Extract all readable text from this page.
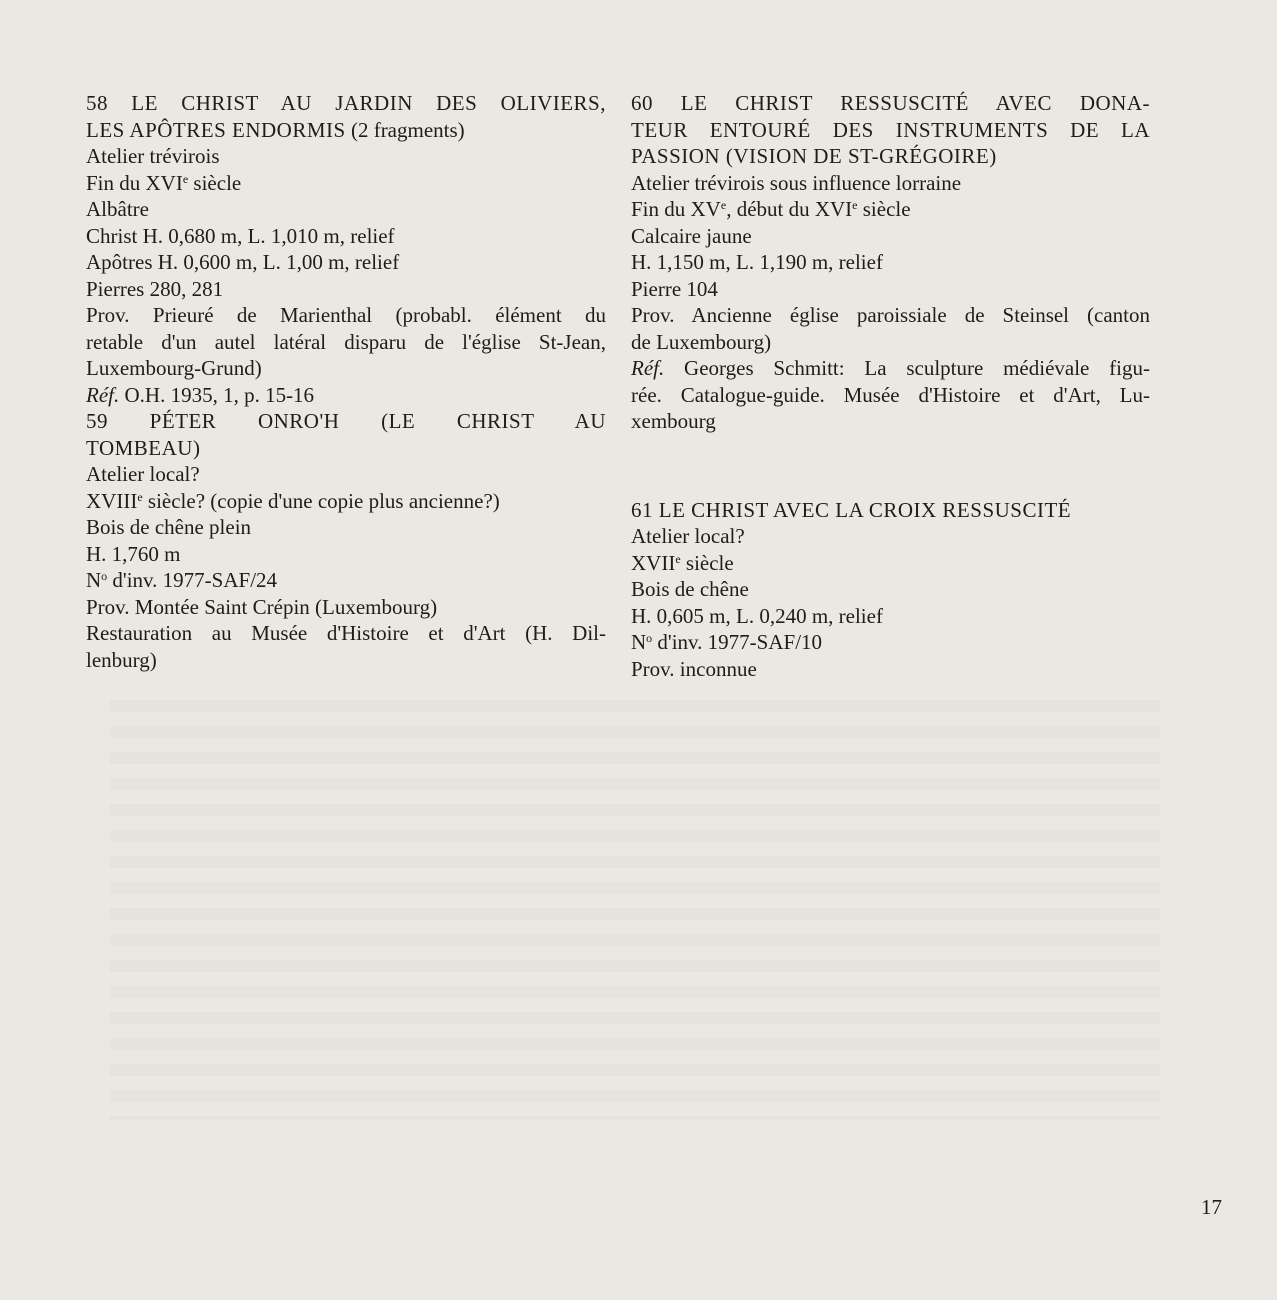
58 LE CHRIST AU JARDIN DES OLIVIERS,
LES APÔTRES ENDORMIS (2 fragments)
Atelier trévirois
Fin du XVIe siècle
Albâtre
Christ H. 0,680 m, L. 1,010 m, relief
Apôtres H. 0,600 m, L. 1,00 m, relief
Pierres 280, 281
Prov. Prieuré de Marienthal (probabl. élément du
retable d'un autel latéral disparu de l'église St-Jean,
Luxembourg-Grund)
Réf. O.H. 1935, 1, p. 15-16
59 PÉTER ONRO'H (LE CHRIST AU
TOMBEAU)
Atelier local?
XVIIIe siècle? (copie d'une copie plus ancienne?)
Bois de chêne plein
H. 1,760 m
$N^o$ d'inv. 1977-SAF/24
Prov. Montée Saint Crépin (Luxembourg)
Restauration au Musée d'Histoire et d'Art (H. Dil-
lenburg)
60 LE CHRIST RESSUSCITÉ AVEC DONA-
TEUR ENTOURÉ DES INSTRUMENTS DE LA
PASSION (VISION DE ST-GRÉGOIRE)
Atelier trévirois sous influence lorraine
Fin du XVe, début du XVIe siècle
Calcaire jaune
H. 1,150 m, L. 1,190 m, relief
Pierre 104
Prov. Ancienne église paroissiale de Steinsel (canton
de Luxembourg)
Réf. Georges Schmitt: La sculpture médiévale figu-
rée. Catalogue-guide. Musée d'Histoire et d'Art, Lu-
xembourg
61 LE CHRIST AVEC LA CROIX RESSUSCITÉ
Atelier local?
XVIIe siècle
Bois de chêne
H. 0,605 m, L. 0,240 m, relief
$N^o$ d'inv. 1977-SAF/10
Prov. inconnue
17
